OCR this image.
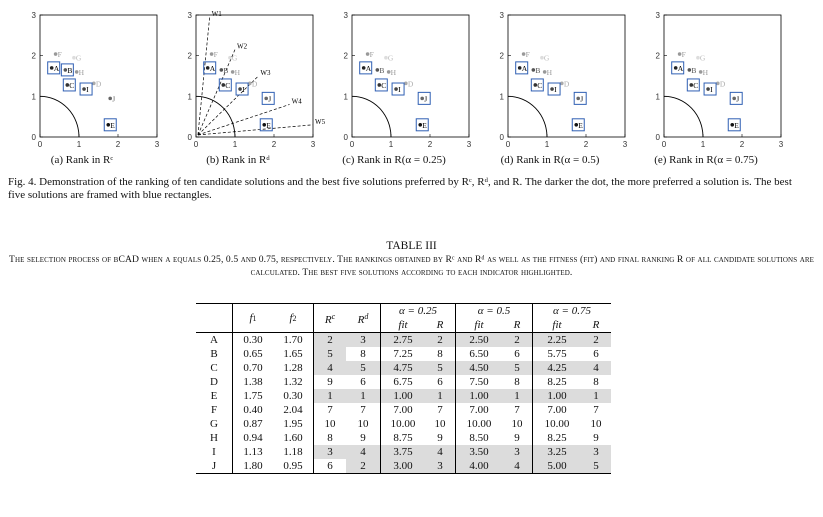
0
0
1
1
2
2
3
3
A B
C	D
E
F G
H
I
J
(a) Rank in Rᶜ
0
0
1
1
2
2
3
3	W1
W2
W3
W4
W5
A B
C	D
E
F G
H
I
J
(b) Rank in Rᵈ
0
0
1
1
2
2
3
3
A B
C	D
E
F G
H
I
J
(c) Rank in R(α = 0.25)
0
0
1
1
2
2
3
3
A B
C	D
E
F G
H
I
J
(d) Rank in R(α = 0.5)
0
0
1
1
2
2
3
3
A B
C	D
E
F G
H
I
J
(e) Rank in R(α = 0.75)
Fig. 4. Demonstration of the ranking of ten candidate solutions and the best five solutions preferred by Rᶜ, Rᵈ, and R. The darker the dot, the more preferred a solution is. The best five solutions are framed with blue rectangles.
TABLE III
The selection process of bCAD when α equals 0.25, 0.5 and 0.75, respectively. The rankings obtained by Rᶜ and Rᵈ as well as the fitness (fit) and final ranking R of all candidate solutions are calculated. The best five solutions according to each indicator highlighted.
	f1	f2	$R^c$	$R^d$	α = 0.25		α = 0.5		α = 0.75	
					fit	R	fit	R	fit	R
A	0.30	1.70	2	3	2.75	2	2.50	2	2.25	2
B	0.65	1.65	5	8	7.25	8	6.50	6	5.75	6
C	0.70	1.28	4	5	4.75	5	4.50	5	4.25	4
D	1.38	1.32	9	6	6.75	6	7.50	8	8.25	8
E	1.75	0.30	1	1	1.00	1	1.00	1	1.00	1
F	0.40	2.04	7	7	7.00	7	7.00	7	7.00	7
G	0.87	1.95	10	10	10.00	10	10.00	10	10.00	10
H	0.94	1.60	8	9	8.75	9	8.50	9	8.25	9
I	1.13	1.18	3	4	3.75	4	3.50	3	3.25	3
J	1.80	0.95	6	2	3.00	3	4.00	4	5.00	5
